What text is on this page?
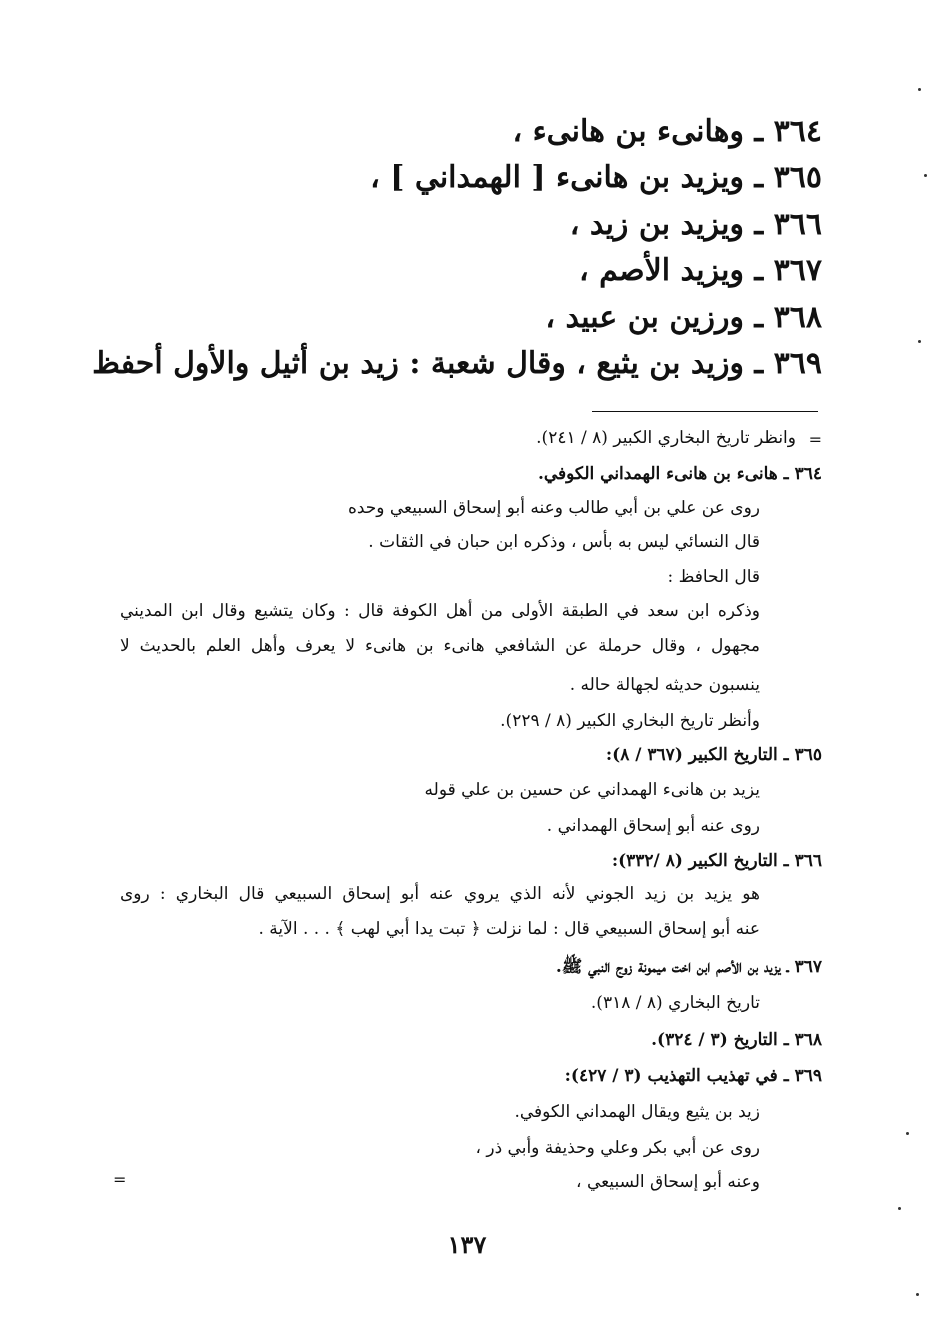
٣٦٤ ـ وهانىء بن هانىء ،
٣٦٥ ـ ويزيد بن هانىء [ الهمداني ] ،
٣٦٦ ـ ويزيد بن زيد ،
٣٦٧ ـ ويزيد الأصم ،
٣٦٨ ـ ورزين بن عبيد ،
٣٦٩ ـ وزيد بن يثيع ، وقال شعبة : زيد بن أثيل والأول أحفظ
=
=
وانظر تاريخ البخاري الكبير (٨ / ٢٤١).
٣٦٤ ـ هانىء بن هانىء الهمداني الكوفي.
روى عن علي بن أبي طالب وعنه أبو إسحاق السبيعي وحده
قال النسائي ليس به بأس ، وذكره ابن حبان في الثقات .
قال الحافظ :
وذكره ابن سعد في الطبقة الأولى من أهل الكوفة قال : وكان يتشيع وقال ابن المديني
مجهول ، وقال حرملة عن الشافعي هانىء بن هانىء لا يعرف وأهل العلم بالحديث لا
ينسبون حديثه لجهالة حاله .
وأنظر تاريخ البخاري الكبير (٨ / ٢٢٩).
٣٦٥ ـ التاريخ الكبير (٣٦٧ / ٨):
يزيد بن هانىء الهمداني عن حسين بن علي قوله
روى عنه أبو إسحاق الهمداني .
٣٦٦ ـ التاريخ الكبير (٨ /٣٣٢):
هو يزيد بن زيد الجوني لأنه الذي يروي عنه أبو إسحاق السبيعي قال البخاري : روى
عنه أبو إسحاق السبيعي قال : لما نزلت ﴿ تبت يدا أبي لهب ﴾ . . . الآية .
٣٦٧ ـ يزيد بن الأصم ابن اخت ميمونة زوج النبي ﷺ.
تاريخ البخاري (٨ / ٣١٨).
٣٦٨ ـ التاريخ (٣ / ٣٢٤).
٣٦٩ ـ في تهذيب التهذيب (٣ / ٤٢٧):
زيد بن يثيع ويقال الهمداني الكوفي.
روى عن أبي بكر وعلي وحذيفة وأبي ذر ،
وعنه أبو إسحاق السبيعي ،
١٣٧
